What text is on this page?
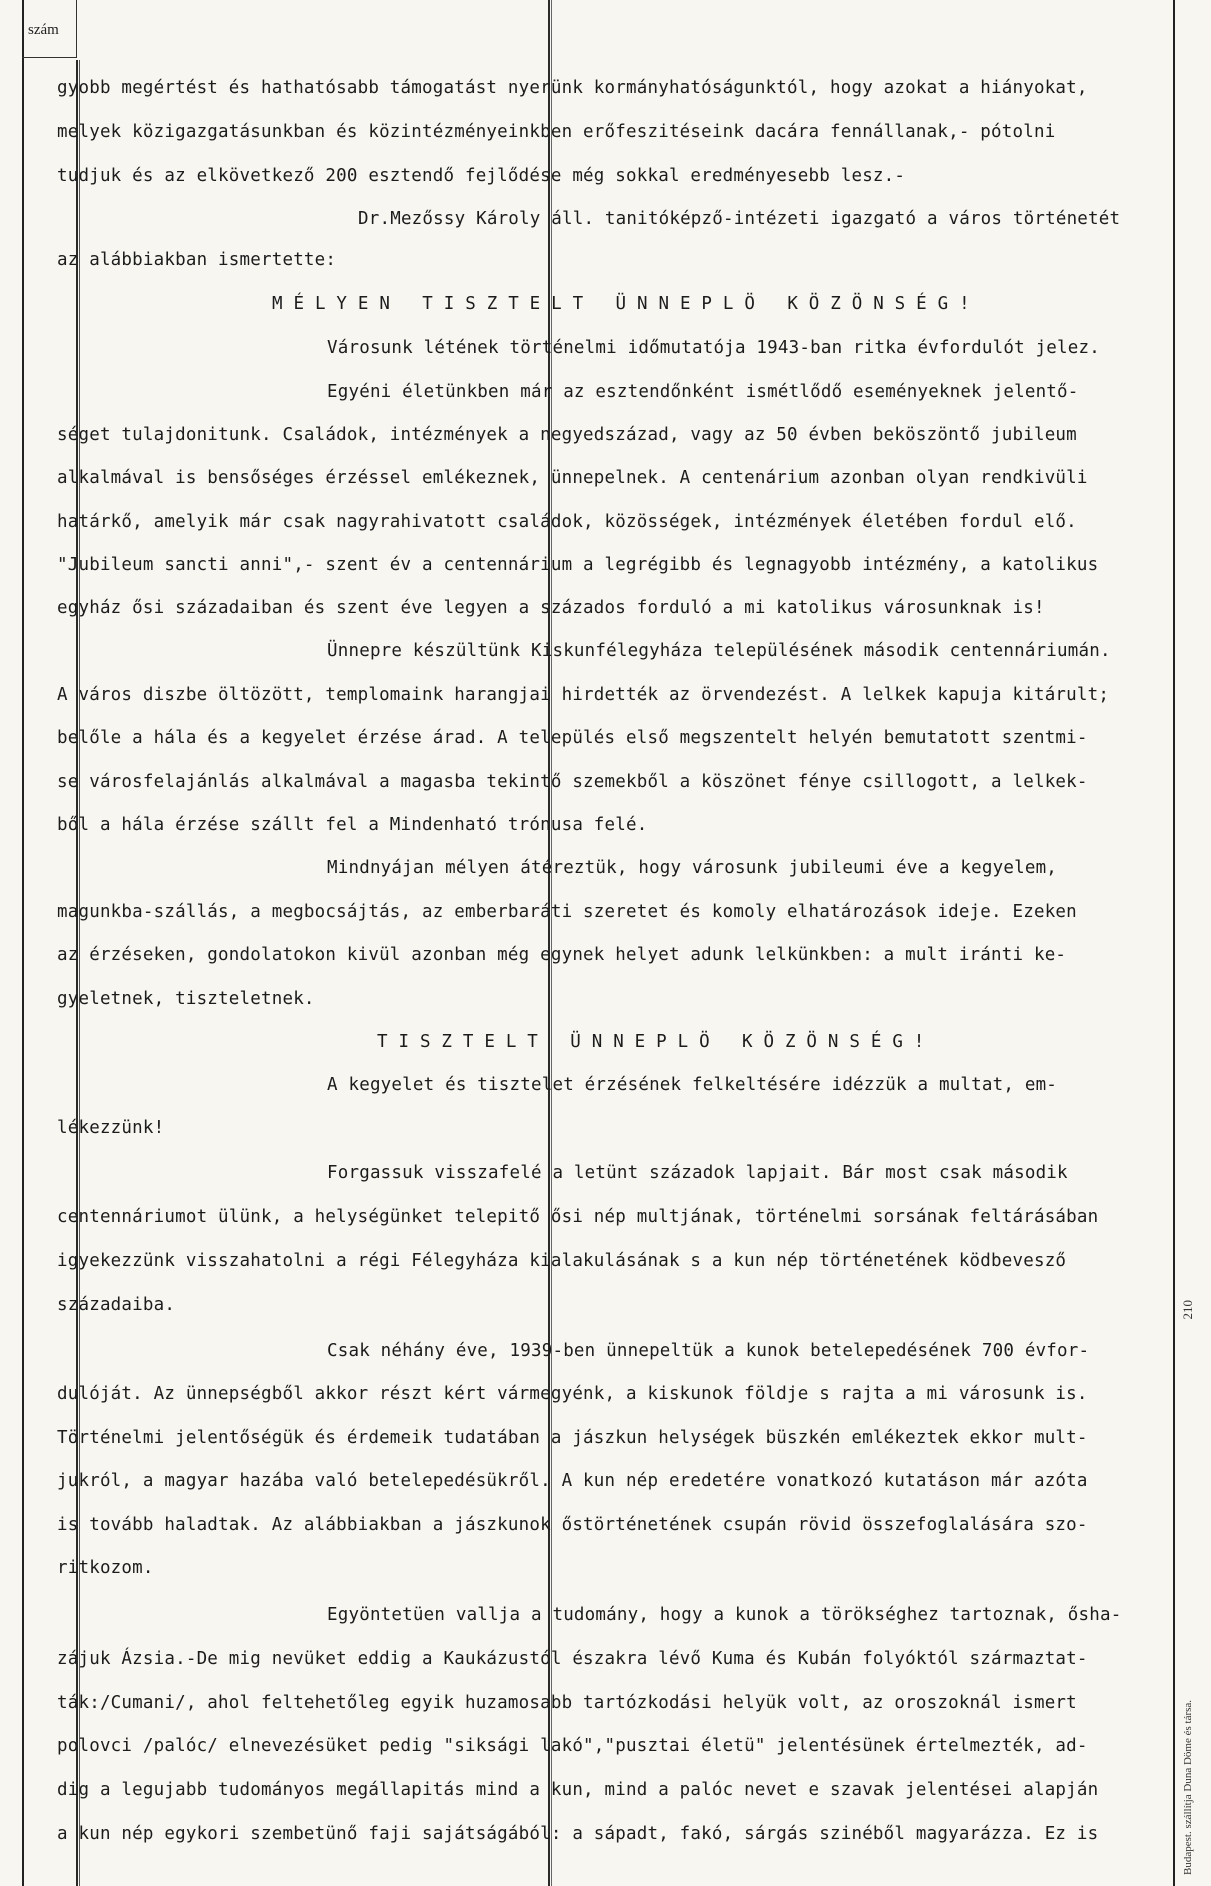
szám
gyobb megértést és hathatósabb támogatást nyerünk kormányhatóságunktól, hogy azokat a hiányokat,
melyek közigazgatásunkban és közintézményeinkben erőfeszitéseink dacára fennállanak,- pótolni
tudjuk és az elkövetkező 200 esztendő fejlődése még sokkal eredményesebb lesz.-
Dr.Mezőssy Károly áll. tanitóképző-intézeti igazgató a város történetét
az alábbiakban ismertette:
M É L Y E N   T I S Z T E L T   Ü N N E P L Ö   K Ö Z Ö N S É G !
Városunk létének történelmi időmutatója 1943-ban ritka évfordulót jelez.
Egyéni életünkben már az esztendőnként ismétlődő eseményeknek jelentő-
séget tulajdonitunk. Családok, intézmények a negyedszázad, vagy az 50 évben beköszöntő jubileum
alkalmával is bensőséges érzéssel emlékeznek, ünnepelnek. A centenárium azonban olyan rendkivüli
határkő, amelyik már csak nagyrahivatott családok, közösségek, intézmények életében fordul elő.
"Jubileum sancti anni",- szent év a centennárium a legrégibb és legnagyobb intézmény, a katolikus
egyház ősi századaiban és szent éve legyen a százados forduló a mi katolikus városunknak is!
Ünnepre készültünk Kiskunfélegyháza településének második centennáriumán.
A város diszbe öltözött, templomaink harangjai hirdették az örvendezést. A lelkek kapuja kitárult;
belőle a hála és a kegyelet érzése árad. A település első megszentelt helyén bemutatott szentmi-
se városfelajánlás alkalmával a magasba tekintő szemekből a köszönet fénye csillogott, a lelkek-
ből a hála érzése szállt fel a Mindenható trónusa felé.
Mindnyájan mélyen átéreztük, hogy városunk jubileumi éve a kegyelem,
magunkba-szállás, a megbocsájtás, az emberbaráti szeretet és komoly elhatározások ideje. Ezeken
az érzéseken, gondolatokon kivül azonban még egynek helyet adunk lelkünkben: a mult iránti ke-
gyeletnek, tiszteletnek.
T I S Z T E L T   Ü N N E P L Ö   K Ö Z Ö N S É G !
A kegyelet és tisztelet érzésének felkeltésére idézzük a multat, em-
lékezzünk!
Forgassuk visszafelé a letünt századok lapjait. Bár most csak második
centennáriumot ülünk, a helységünket telepitő ősi nép multjának, történelmi sorsának feltárásában
igyekezzünk visszahatolni a régi Félegyháza kialakulásának s a kun nép történetének ködbevesző
századaiba.
Csak néhány éve, 1939-ben ünnepeltük a kunok betelepedésének 700 évfor-
dulóját. Az ünnepségből akkor részt kért vármegyénk, a kiskunok földje s rajta a mi városunk is.
Történelmi jelentőségük és érdemeik tudatában a jászkun helységek büszkén emlékeztek ekkor mult-
jukról, a magyar hazába való betelepedésükről. A kun nép eredetére vonatkozó kutatáson már azóta
is tovább haladtak. Az alábbiakban a jászkunok őstörténetének csupán rövid összefoglalására szo-
ritkozom.
Egyöntetüen vallja a tudomány, hogy a kunok a törökséghez tartoznak, ősha-
zájuk Ázsia.-De mig nevüket eddig a Kaukázustól északra lévő Kuma és Kubán folyóktól származtat-
ták:/Cumani/, ahol feltehetőleg egyik huzamosabb tartózkodási helyük volt, az oroszoknál ismert
polovci /palóc/ elnevezésüket pedig "siksági lakó","pusztai életü" jelentésünek értelmezték, ad-
dig a legujabb tudományos megállapitás mind a kun, mind a palóc nevet e szavak jelentései alapján
a kun nép egykori szembetünő faji sajátságából: a sápadt, fakó, sárgás szinéből magyarázza. Ez is
210
Budapest. szállítja Duna Döme és társa.
